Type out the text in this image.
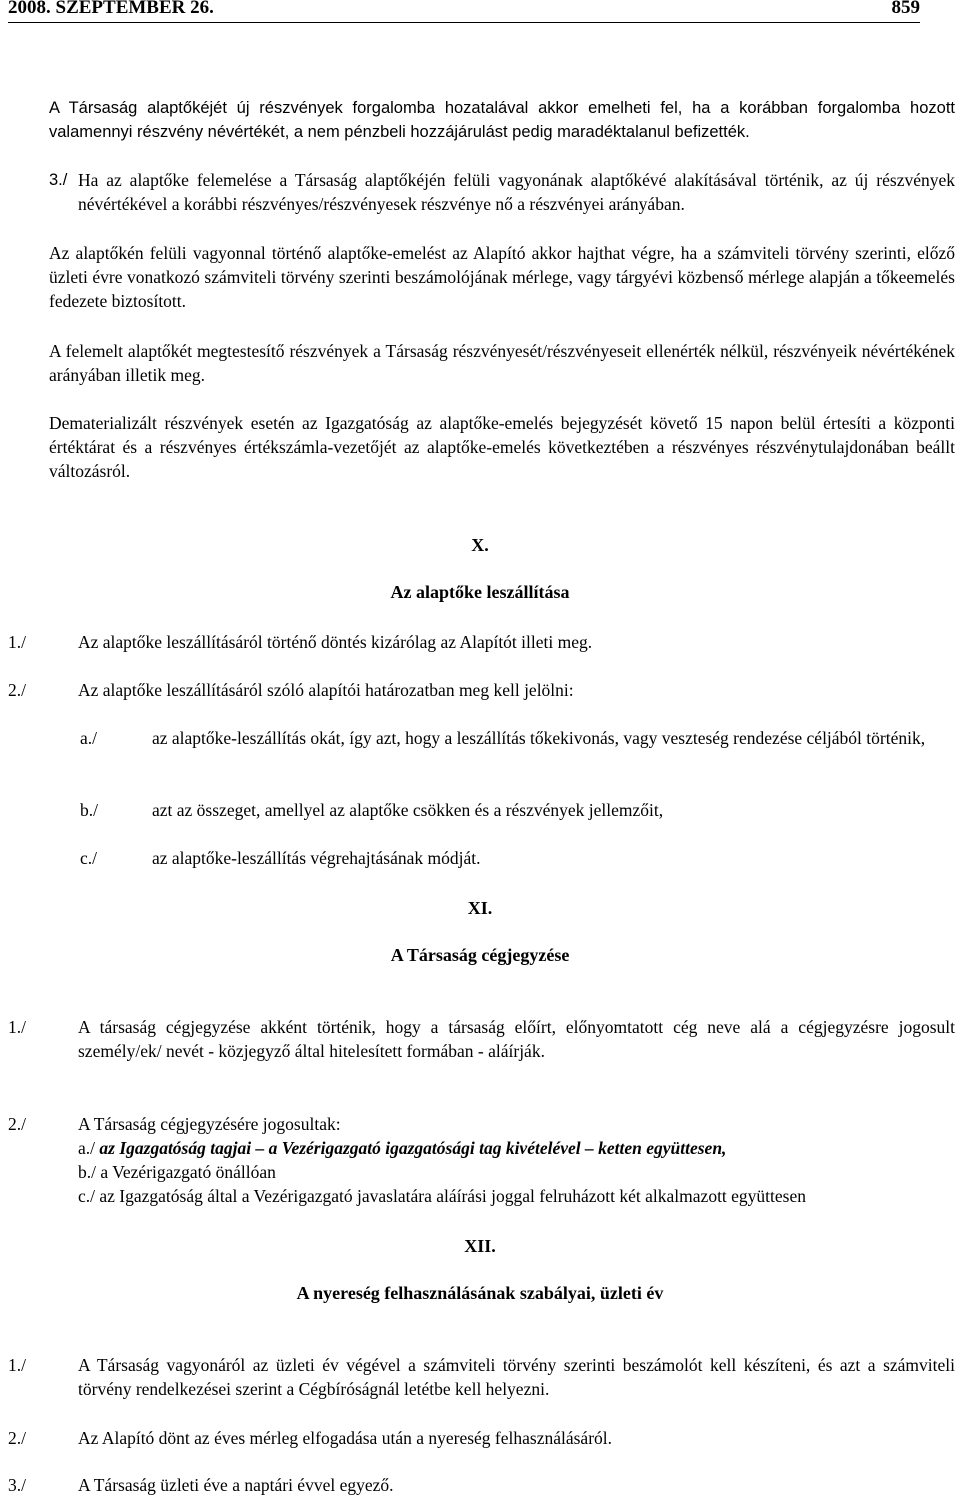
2008. SZEPTEMBER 26.	859
A Társaság alaptőkéjét új részvények forgalomba hozatalával akkor emelheti fel, ha a korábban forgalomba hozott valamennyi részvény névértékét, a nem pénzbeli hozzájárulást pedig maradéktalanul befizették.
3./ Ha az alaptőke felemelése a Társaság alaptőkéjén felüli vagyonának alaptőkévé alakításával történik, az új részvények névértékével a korábbi részvényes/részvényesek részvénye nő a részvényei arányában.
Az alaptőkén felüli vagyonnal történő alaptőke-emelést az Alapító akkor hajthat végre, ha a számviteli törvény szerinti, előző üzleti évre vonatkozó számviteli törvény szerinti beszámolójának mérlege, vagy tárgyévi közbenső mérlege alapján a tőkeemelés fedezete biztosított.
A felemelt alaptőkét megtestesítő részvények a Társaság részvényesét/részvényeseit ellenérték nélkül, részvényeik névértékének arányában illetik meg.
Dematerializált részvények esetén az Igazgatóság az alaptőke-emelés bejegyzését követő 15 napon belül értesíti a központi értéktárat és a részvényes értékszámla-vezetőjét az alaptőke-emelés következtében a részvényes részvénytulajdonában beállt változásról.
X.
Az alaptőke leszállítása
1./	Az alaptőke leszállításáról történő döntés kizárólag az Alapítót illeti meg.
2./	Az alaptőke leszállításáról szóló alapítói határozatban meg kell jelölni:
a./	az alaptőke-leszállítás okát, így azt, hogy a leszállítás tőkekivonás, vagy veszteség rendezése céljából történik,
b./	azt az összeget, amellyel az alaptőke csökken és a részvények jellemzőit,
c./	az alaptőke-leszállítás végrehajtásának módját.
XI.
A Társaság cégjegyzése
1./	A társaság cégjegyzése akként történik, hogy a társaság előírt, előnyomtatott cég neve alá a cégjegyzésre jogosult személy/ek/ nevét - közjegyző által hitelesített formában - aláírják.
2./	A Társaság cégjegyzésére jogosultak:
a./ az Igazgatóság tagjai – a Vezérigazgató igazgatósági tag kivételével – ketten együttesen,
b./ a Vezérigazgató önállóan
c./ az Igazgatóság által a Vezérigazgató javaslatára aláírási joggal felruházott két alkalmazott együttesen
XII.
A nyereség felhasználásának szabályai, üzleti év
1./	A Társaság vagyonáról az üzleti év végével a számviteli törvény szerinti beszámolót kell készíteni, és azt a számviteli törvény rendelkezései szerint a Cégbíróságnál letétbe kell helyezni.
2./	Az Alapító dönt az éves mérleg elfogadása után a nyereség felhasználásáról.
3./	A Társaság üzleti éve a naptári évvel egyező.
